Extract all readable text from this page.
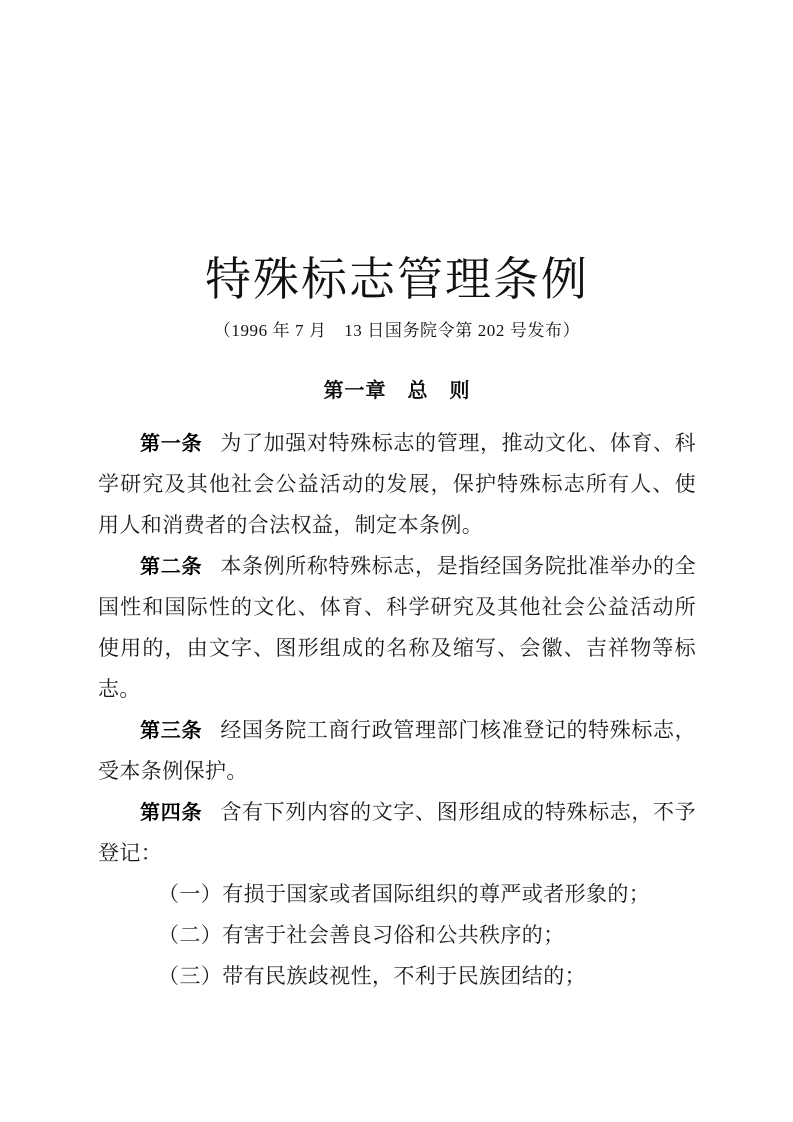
特殊标志管理条例
（1996 年 7 月　13 日国务院令第 202 号发布）
第一章　总　则

第一条 为了加强对特殊标志的管理，推动文化、体育、科学研究及其他社会公益活动的发展，保护特殊标志所有人、使用人和消费者的合法权益，制定本条例。

第二条 本条例所称特殊标志，是指经国务院批准举办的全国性和国际性的文化、体育、科学研究及其他社会公益活动所使用的，由文字、图形组成的名称及缩写、会徽、吉祥物等标志。

第三条 经国务院工商行政管理部门核准登记的特殊标志，受本条例保护。

第四条 含有下列内容的文字、图形组成的特殊标志，不予登记：

（一）有损于国家或者国际组织的尊严或者形象的；
（二）有害于社会善良习俗和公共秩序的；
（三）带有民族歧视性，不利于民族团结的；
